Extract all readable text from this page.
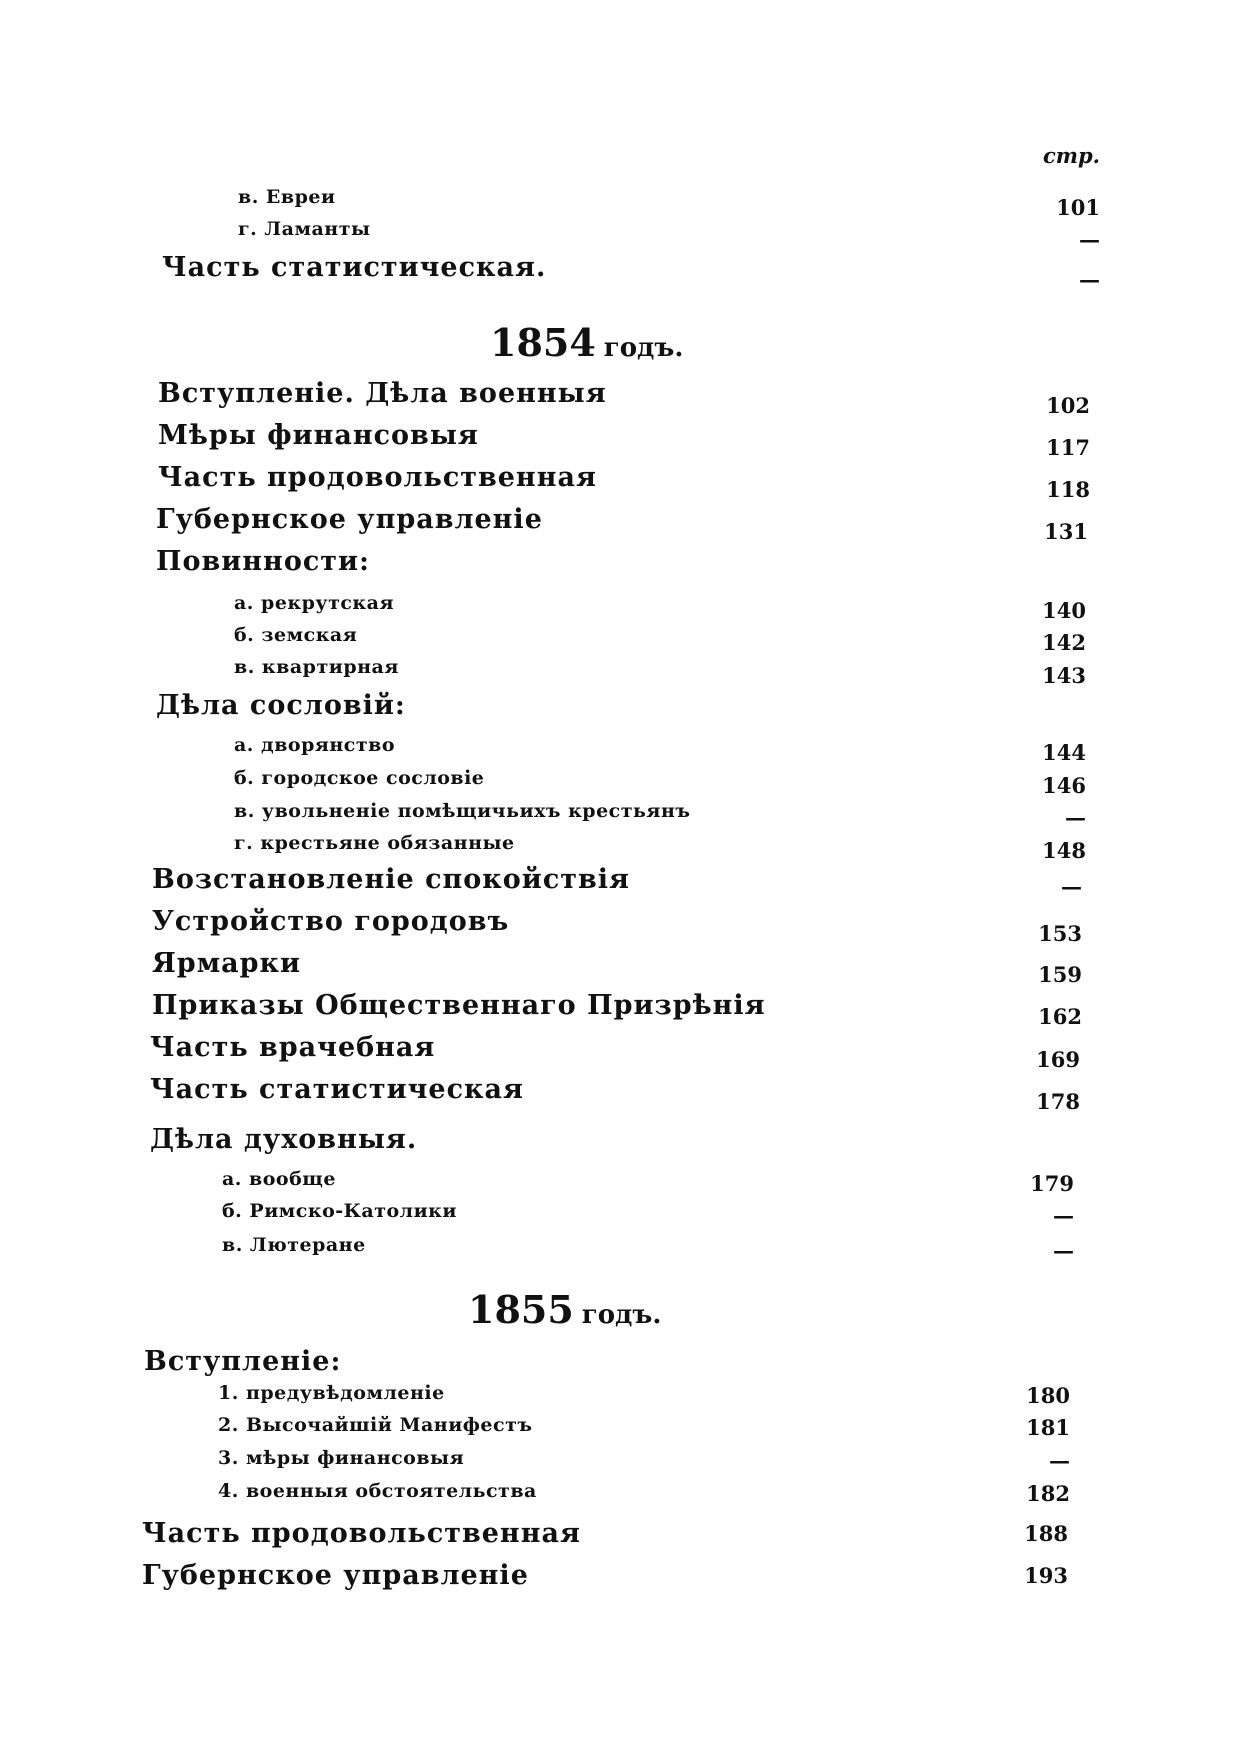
стр.
в. Евреи	101
г. Ламанты	—
Часть статистическая.	—
1854 годъ.
Вступленіе. Дѣла военныя	102
Мѣры финансовыя	117
Часть продовольственная	118
Губернское управленіе	131
Повинности:
а. рекрутская	140
б. земская	142
в. квартирная	143
Дѣла сословій:
а. дворянство	144
б. городское сословіе	146
в. увольненіе помѣщичьихъ крестьянъ	—
г. крестьяне обязанные	148
Возстановленіе спокойствія	—
Устройство городовъ	153
Ярмарки	159
Приказы Общественнаго Призрѣнія	162
Часть врачебная	169
Часть статистическая	178
Дѣла духовныя.
а. вообще	179
б. Римско-Католики	—
в. Лютеране	—
1855 годъ.
Вступленіе:
1. предувѣдомленіе	180
2. Высочайшій Манифестъ	181
3. мѣры финансовыя	—
4. военныя обстоятельства	182
Часть продовольственная	188
Губернское управленіе	193
